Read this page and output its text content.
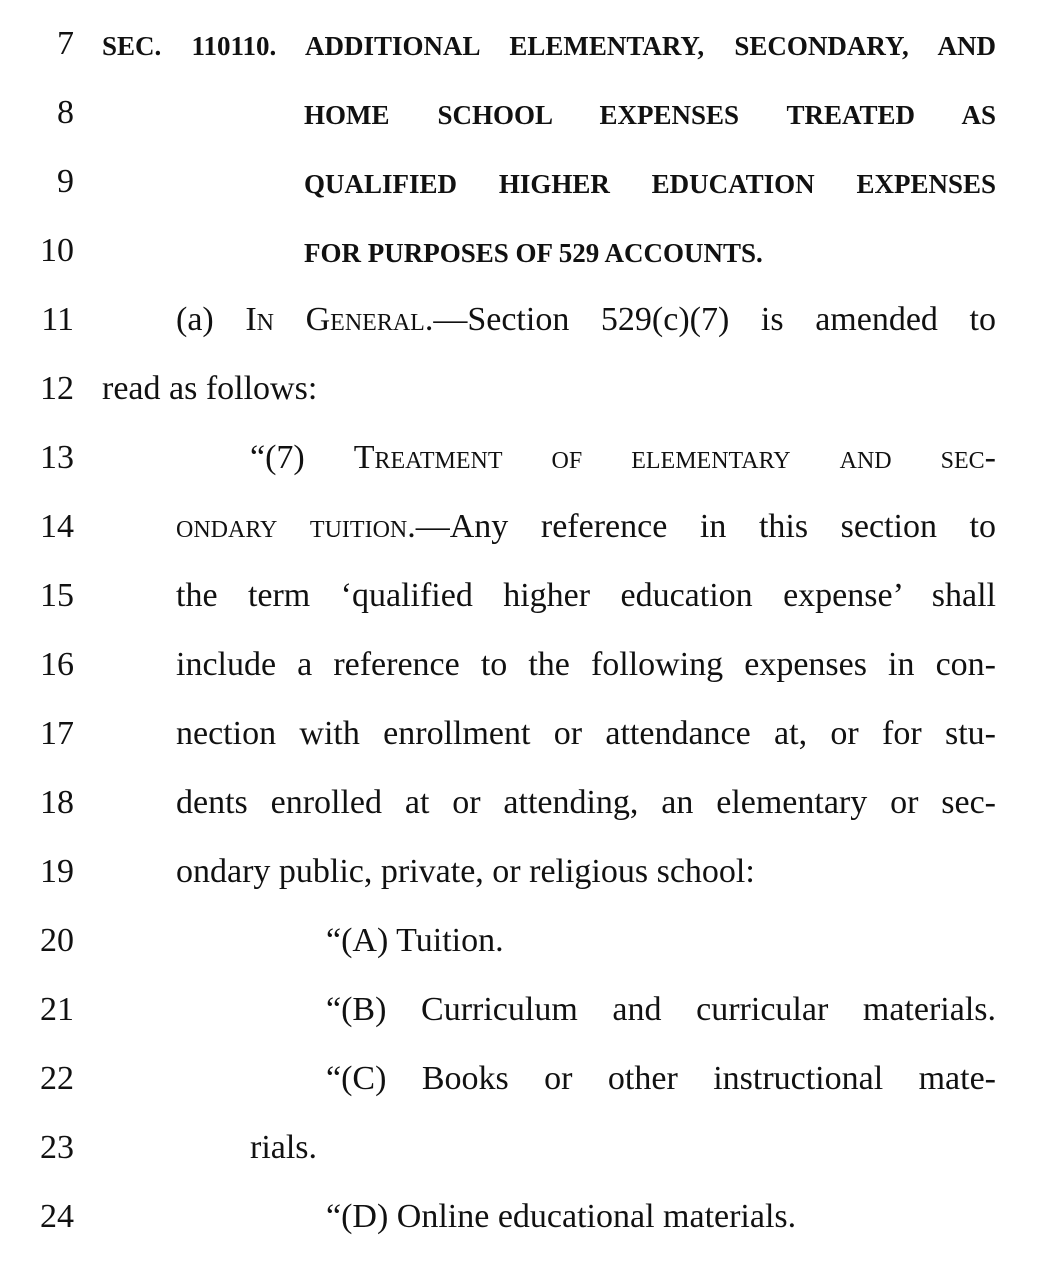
7 SEC. 110110. ADDITIONAL ELEMENTARY, SECONDARY, AND
8	HOME SCHOOL EXPENSES TREATED AS
9	QUALIFIED HIGHER EDUCATION EXPENSES
10	FOR PURPOSES OF 529 ACCOUNTS.
11	(a) In General.—Section 529(c)(7) is amended to
12 read as follows:
13	“(7) Treatment of elementary and sec-
14	ondary tuition.—Any reference in this section to
15	the term ‘qualified higher education expense’ shall
16	include a reference to the following expenses in con-
17	nection with enrollment or attendance at, or for stu-
18	dents enrolled at or attending, an elementary or sec-
19	ondary public, private, or religious school:
20	“(A) Tuition.
21	“(B) Curriculum and curricular materials.
22	“(C) Books or other instructional mate-
23	rials.
24	“(D) Online educational materials.
